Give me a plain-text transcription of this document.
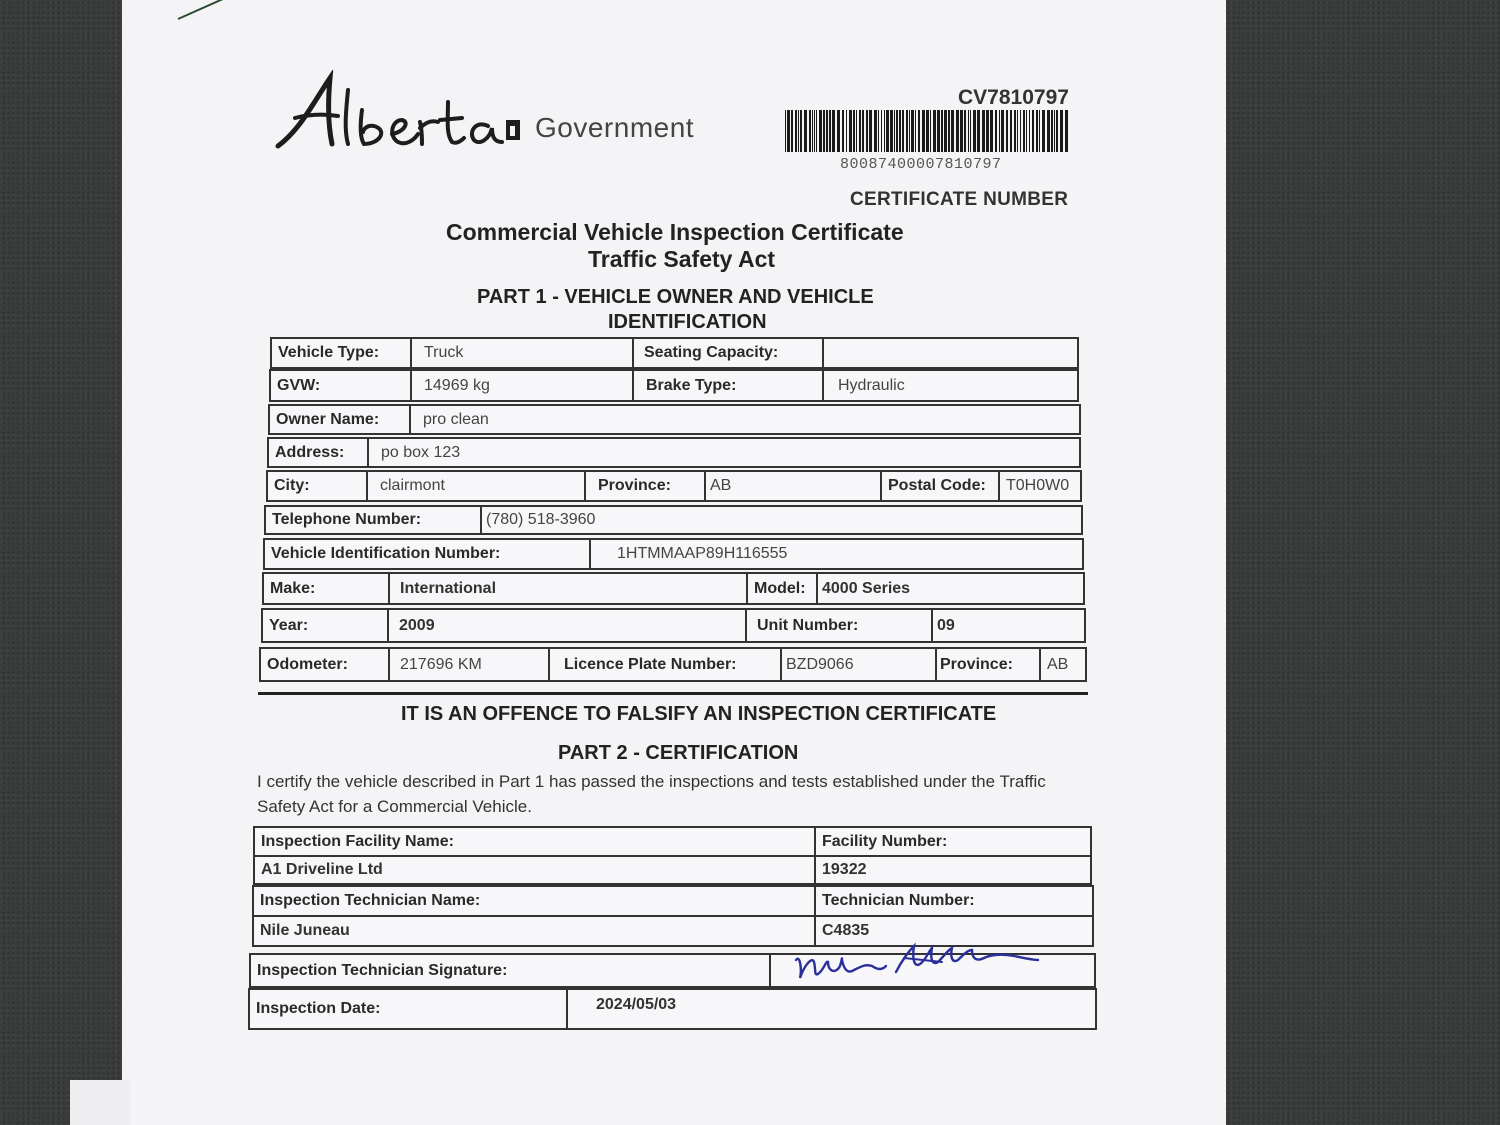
Government
CV7810797
80087400007810797
CERTIFICATE NUMBER
Commercial Vehicle Inspection Certificate
Traffic Safety Act
PART 1 - VEHICLE OWNER AND VEHICLE
IDENTIFICATION
Vehicle Type:	Truck	Seating Capacity:
GVW:	14969 kg	Brake Type:	Hydraulic
Owner Name:	pro clean
Address:	po box 123
City:	clairmont	Province:	AB	Postal Code:	T0H0W0
Telephone Number:	(780) 518-3960
Vehicle Identification Number:	1HTMMAAP89H116555
Make:	International	Model:	4000 Series
Year:	2009	Unit Number:	09
Odometer:	217696 KM	Licence Plate Number:	BZD9066	Province:	AB
IT IS AN OFFENCE TO FALSIFY AN INSPECTION CERTIFICATE
PART 2 - CERTIFICATION
I certify the vehicle described in Part 1 has passed the inspections and tests established under the Traffic
Safety Act for a Commercial Vehicle.
Inspection Facility Name:	Facility Number:
A1 Driveline Ltd	19322
Inspection Technician Name:	Technician Number:
Nile Juneau	C4835
Inspection Technician Signature:
Inspection Date:	2024/05/03
